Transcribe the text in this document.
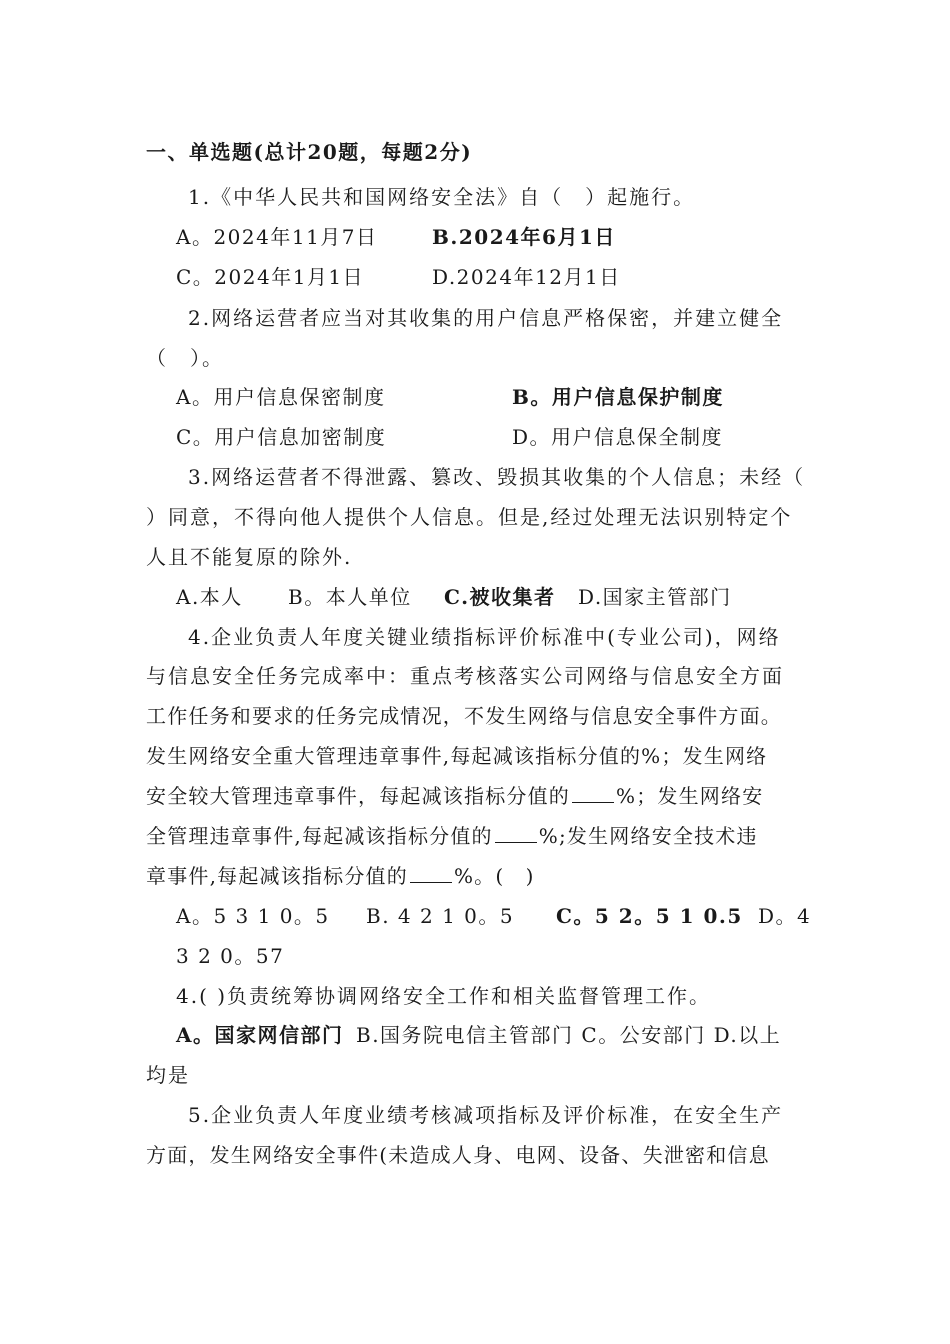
一、单选题(总计20题，每题2分)
1.《中华人民共和国网络安全法》自（　）起施行。
A。2024年11月7日	B.2024年6月1日
C。2024年1月1日	D.2024年12月1日
2.网络运营者应当对其收集的用户信息严格保密，并建立健全
（　）。
A。用户信息保密制度	B。用户信息保护制度
C。用户信息加密制度	D。用户信息保全制度
3.网络运营者不得泄露、篡改、毁损其收集的个人信息；未经（
）同意，不得向他人提供个人信息。但是,经过处理无法识别特定个
人且不能复原的除外.
A.本人 B。本人单位 C.被收集者 D.国家主管部门
4.企业负责人年度关键业绩指标评价标准中(专业公司)，网络
与信息安全任务完成率中：重点考核落实公司网络与信息安全方面
工作任务和要求的任务完成情况，不发生网络与信息安全事件方面。
发生网络安全重大管理违章事件,每起减该指标分值的%；发生网络
安全较大管理违章事件，每起减该指标分值的 %；发生网络安
全管理违章事件,每起减该指标分值的 %;发生网络安全技术违
章事件,每起减该指标分值的 %。(　)
A。5 3 1 0。5 B. 4 2 1 0。5 C。5 2。5 1 0.5 D。4
3 2 0。57
4.( )负责统筹协调网络安全工作和相关监督管理工作。
A。国家网信部门 B.国务院电信主管部门 C。公安部门 D.以上
均是
5.企业负责人年度业绩考核减项指标及评价标准，在安全生产
方面，发生网络安全事件(未造成人身、电网、设备、失泄密和信息
